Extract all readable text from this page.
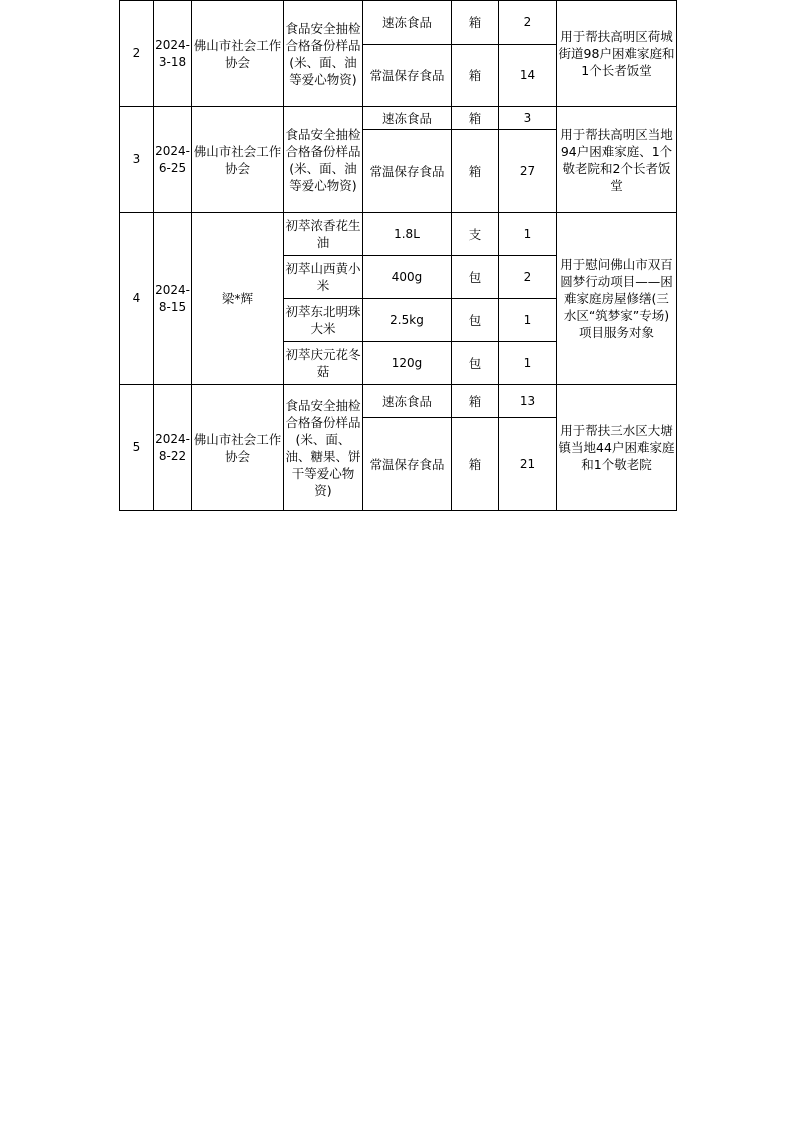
2	2024-3-18	佛山市社会工作协会	食品安全抽检合格备份样品(米、面、油等爱心物资)	速冻食品	箱	2	用于帮扶高明区荷城街道98户困难家庭和1个长者饭堂
				常温保存食品	箱	14	
3	2024-6-25	佛山市社会工作协会	食品安全抽检合格备份样品(米、面、油等爱心物资)	速冻食品	箱	3	用于帮扶高明区当地94户困难家庭、1个敬老院和2个长者饭堂
				常温保存食品	箱	27	
4	2024-8-15	梁*辉	初萃浓香花生油	1.8L	支	1	用于慰问佛山市双百圆梦行动项目——困难家庭房屋修缮(三水区“筑梦家”专场)项目服务对象
			初萃山西黄小米	400g	包	2	
			初萃东北明珠大米	2.5kg	包	1	
			初萃庆元花冬菇	120g	包	1	
5	2024-8-22	佛山市社会工作协会	食品安全抽检合格备份样品(米、面、油、糖果、饼干等爱心物资)	速冻食品	箱	13	用于帮扶三水区大塘镇当地44户困难家庭和1个敬老院
				常温保存食品	箱	21	
